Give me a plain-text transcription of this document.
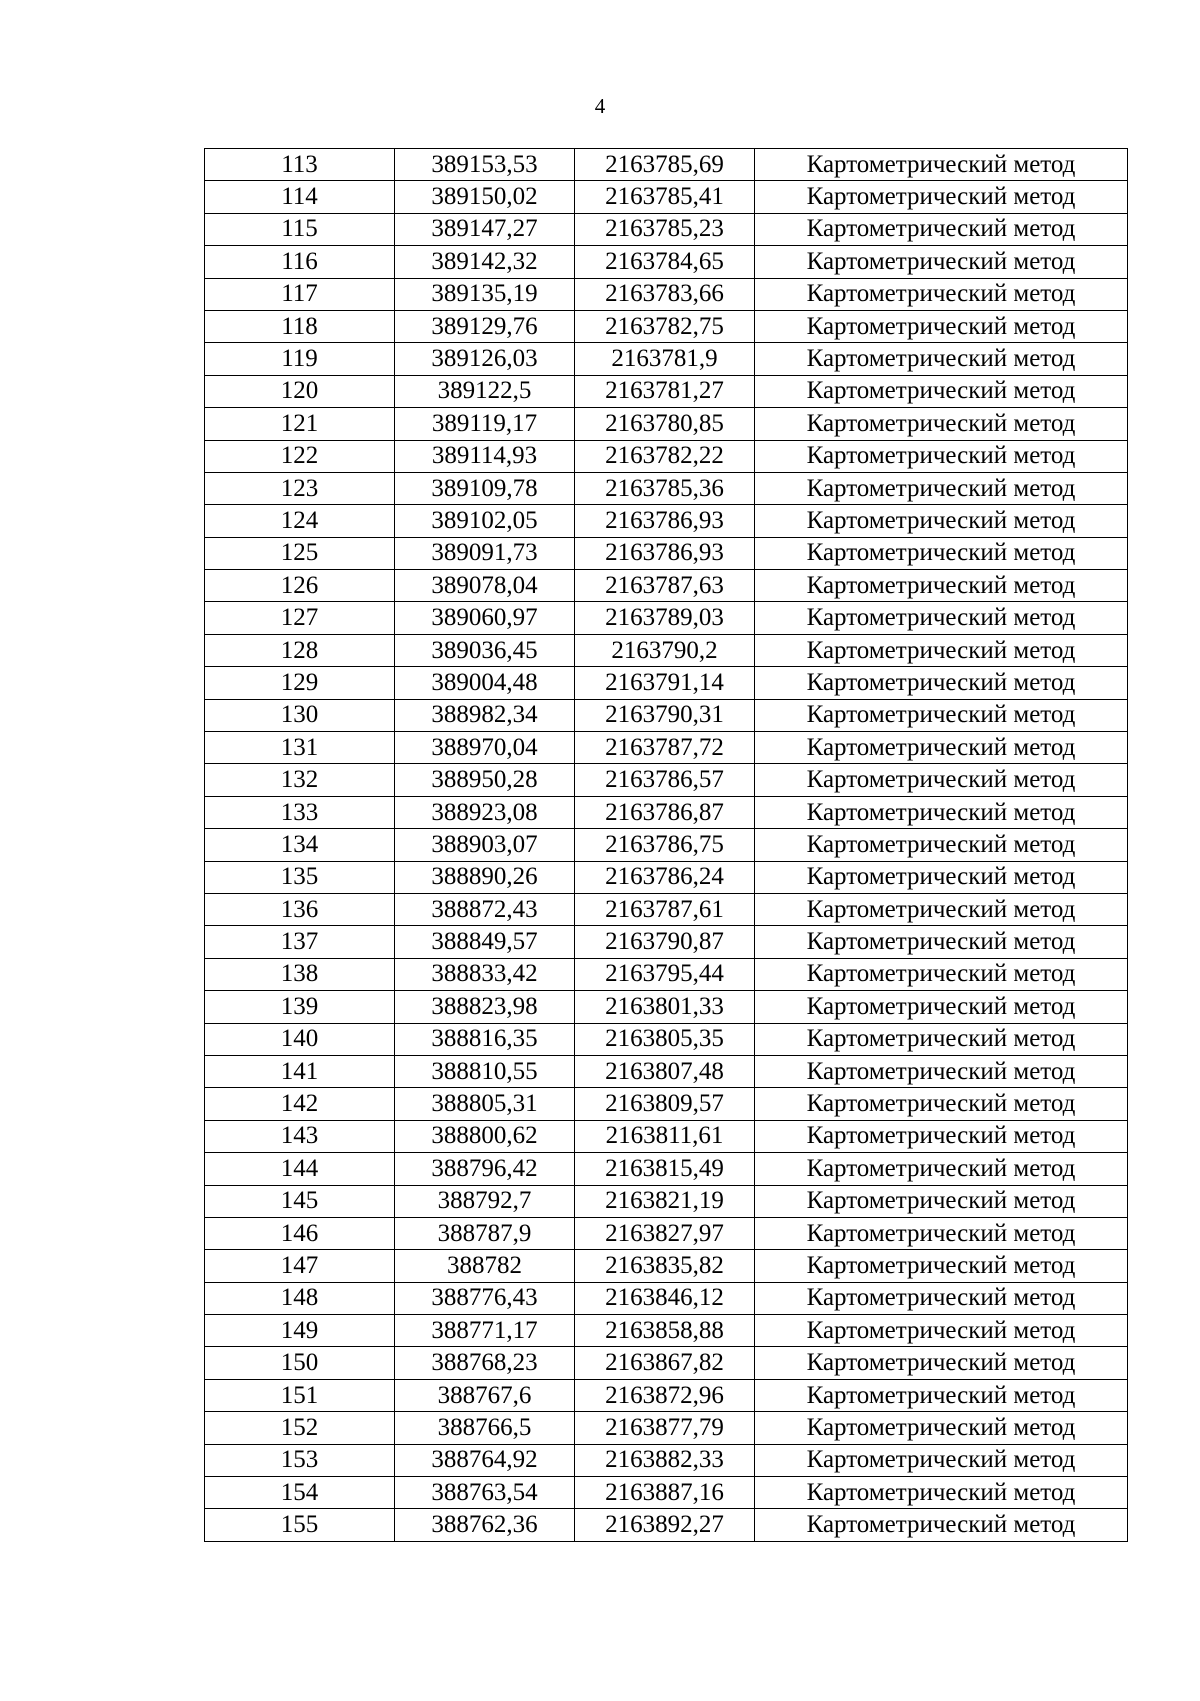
4
113	389153,53	2163785,69	Картометрический метод
114	389150,02	2163785,41	Картометрический метод
115	389147,27	2163785,23	Картометрический метод
116	389142,32	2163784,65	Картометрический метод
117	389135,19	2163783,66	Картометрический метод
118	389129,76	2163782,75	Картометрический метод
119	389126,03	2163781,9	Картометрический метод
120	389122,5	2163781,27	Картометрический метод
121	389119,17	2163780,85	Картометрический метод
122	389114,93	2163782,22	Картометрический метод
123	389109,78	2163785,36	Картометрический метод
124	389102,05	2163786,93	Картометрический метод
125	389091,73	2163786,93	Картометрический метод
126	389078,04	2163787,63	Картометрический метод
127	389060,97	2163789,03	Картометрический метод
128	389036,45	2163790,2	Картометрический метод
129	389004,48	2163791,14	Картометрический метод
130	388982,34	2163790,31	Картометрический метод
131	388970,04	2163787,72	Картометрический метод
132	388950,28	2163786,57	Картометрический метод
133	388923,08	2163786,87	Картометрический метод
134	388903,07	2163786,75	Картометрический метод
135	388890,26	2163786,24	Картометрический метод
136	388872,43	2163787,61	Картометрический метод
137	388849,57	2163790,87	Картометрический метод
138	388833,42	2163795,44	Картометрический метод
139	388823,98	2163801,33	Картометрический метод
140	388816,35	2163805,35	Картометрический метод
141	388810,55	2163807,48	Картометрический метод
142	388805,31	2163809,57	Картометрический метод
143	388800,62	2163811,61	Картометрический метод
144	388796,42	2163815,49	Картометрический метод
145	388792,7	2163821,19	Картометрический метод
146	388787,9	2163827,97	Картометрический метод
147	388782	2163835,82	Картометрический метод
148	388776,43	2163846,12	Картометрический метод
149	388771,17	2163858,88	Картометрический метод
150	388768,23	2163867,82	Картометрический метод
151	388767,6	2163872,96	Картометрический метод
152	388766,5	2163877,79	Картометрический метод
153	388764,92	2163882,33	Картометрический метод
154	388763,54	2163887,16	Картометрический метод
155	388762,36	2163892,27	Картометрический метод
